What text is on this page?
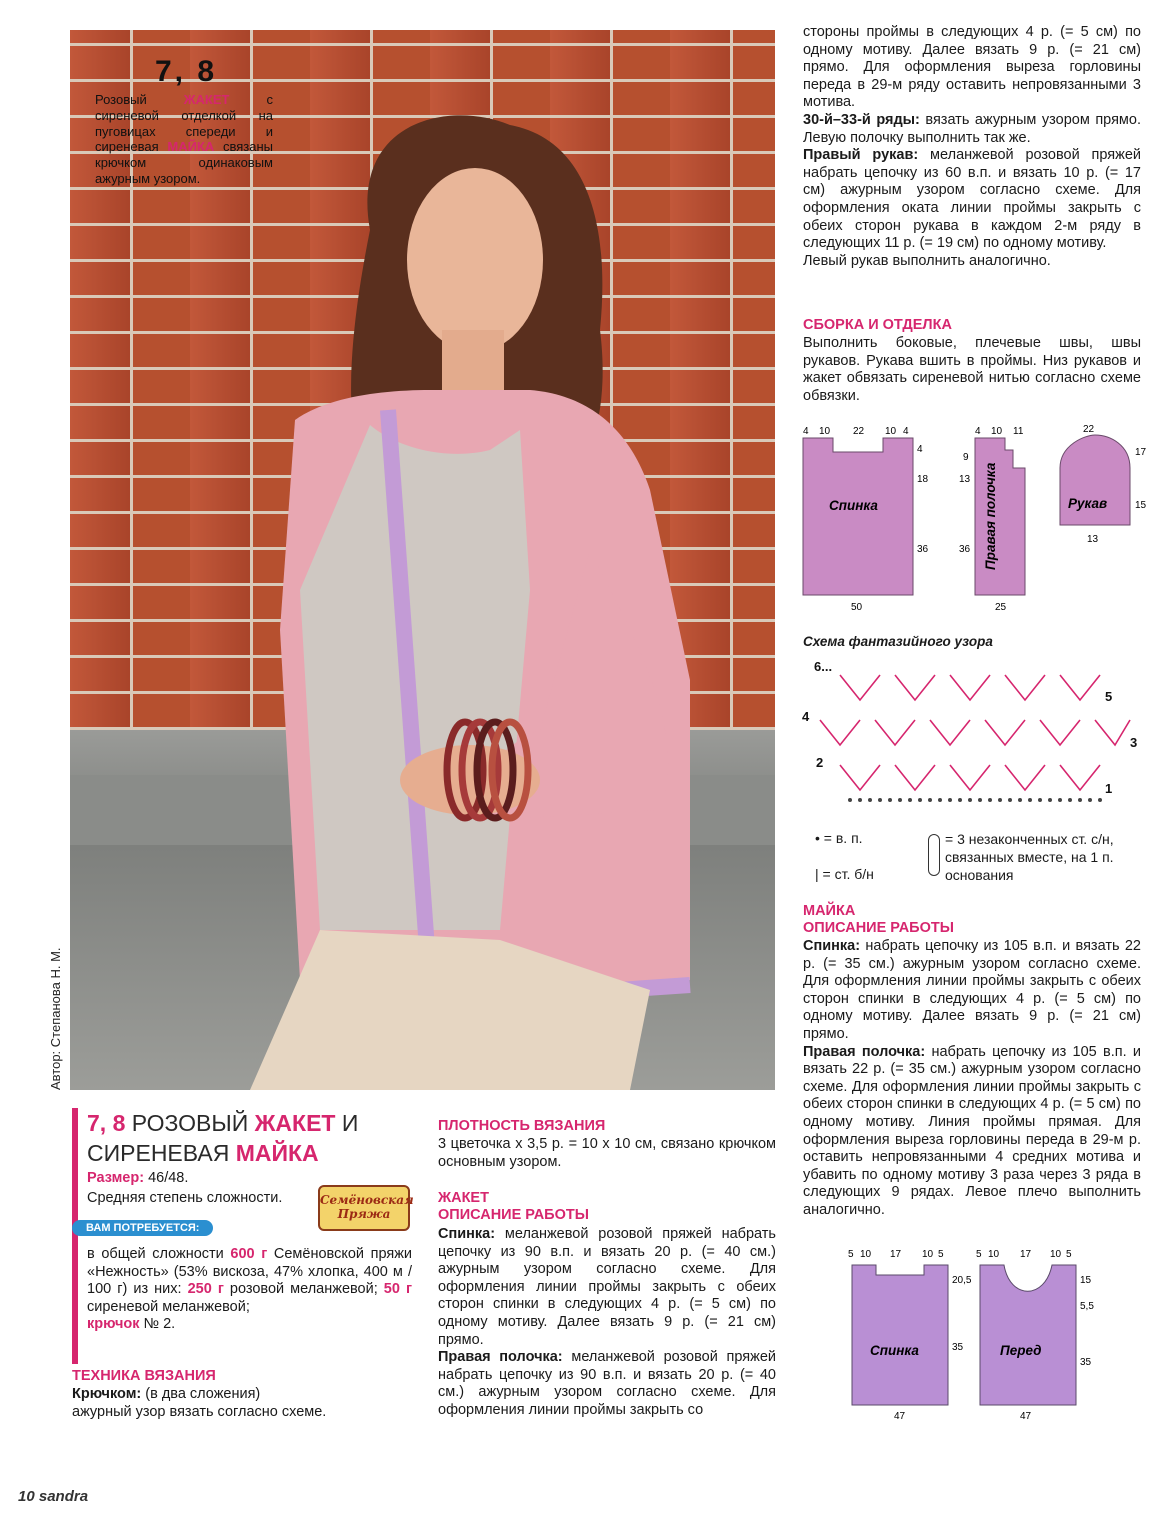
7, 8
Розовый ЖАКЕТ с сиреневой отделкой на пуговицах спереди и сиреневая МАЙКА связаны крючком одинаковым ажурным узором.
Автор: Степанова Н. М.
7, 8 РОЗОВЫЙ ЖАКЕТ И
СИРЕНЕВАЯ МАЙКА
Размер: 46/48.
Средняя степень сложности.	Семёновская Пряжа
ВАМ ПОТРЕБУЕТСЯ:
в общей сложности 600 г Семёновской пряжи «Нежность» (53% вискоза, 47% хлопка, 400 м / 100 г) из них: 250 г розовой меланжевой; 50 г сиреневой меланжевой;
крючок № 2.
ТЕХНИКА ВЯЗАНИЯ
Крючком: (в два сложения)
ажурный узор вязать согласно схеме.
ПЛОТНОСТЬ ВЯЗАНИЯ
3 цветочка х 3,5 р. = 10 х 10 см, связано крючком основным узором.
ЖАКЕТ
ОПИСАНИЕ РАБОТЫ

Спинка: меланжевой розовой пряжей набрать цепочку из 90 в.п. и вязать 20 р. (= 40 см.) ажурным узором согласно схеме. Для оформления линии проймы закрыть с обеих сторон спинки в следующих 4 р. (= 5 см) по одному мотиву. Далее вязать 9 р. (= 21 см) прямо.

Правая полочка: меланжевой розовой пряжей набрать цепочку из 90 в.п. и вязать 20 р. (= 40 см.) ажурным узором согласно схеме. Для оформления линии проймы закрыть со

стороны проймы в следующих 4 р. (= 5 см) по одному мотиву. Далее вязать 9 р. (= 21 см) прямо. Для оформления выреза горловины переда в 29-м ряду оставить непровязанными 3 мотива.

30-й–33-й ряды: вязать ажурным узором прямо. Левую полочку выполнить так же.

Правый рукав: меланжевой розовой пряжей набрать цепочку из 60 в.п. и вязать 10 р. (= 17 см) ажурным узором согласно схеме. Для оформления оката линии проймы закрыть с обеих сторон рукава в каждом 2-м ряду в следующих 11 р. (= 19 см) по одному мотиву.

Левый рукав выполнить аналогично.

СБОРКА И ОТДЕЛКА
Выполнить боковые, плечевые швы, швы рукавов. Рукава вшить в проймы. Низ рукавов и жакет обвязать сиреневой нитью согласно схеме обвязки.
Спинка	Правая полочка	Рукав
4 10 22 10 4
4
18
36
50
4 10 11
9
13
36
25
22
17
15
13
Схема фантазийного узора
6...
4
2
5
3
1
• = в. п.
| = ст. б/н
= 3 незаконченных ст. с/н, связанных вместе, на 1 п. основания
МАЙКА
ОПИСАНИЕ РАБОТЫ

Спинка: набрать цепочку из 105 в.п. и вязать 22 р. (= 35 см.) ажурным узором согласно схеме. Для оформления линии проймы закрыть с обеих сторон спинки в следующих 4 р. (= 5 см) по одному мотиву. Далее вязать 9 р. (= 21 см) прямо.

Правая полочка: набрать цепочку из 105 в.п. и вязать 22 р. (= 35 см.) ажурным узором согласно схеме. Для оформления линии проймы закрыть с обеих сторон спинки в следующих 4 р. (= 5 см) по одному мотиву. Линия проймы прямая. Для оформления выреза горловины переда в 29-м р. оставить непровязанными 4 средних мотива и убавить по одному мотиву 3 раза через 3 ряда в следующих 9 рядах. Левое плечо выполнить аналогично.

Спинка	Перед
5 10 17 10 5
20,5
35
47
5 10 17 10 5
15
5,5
35
47
10 sandra
